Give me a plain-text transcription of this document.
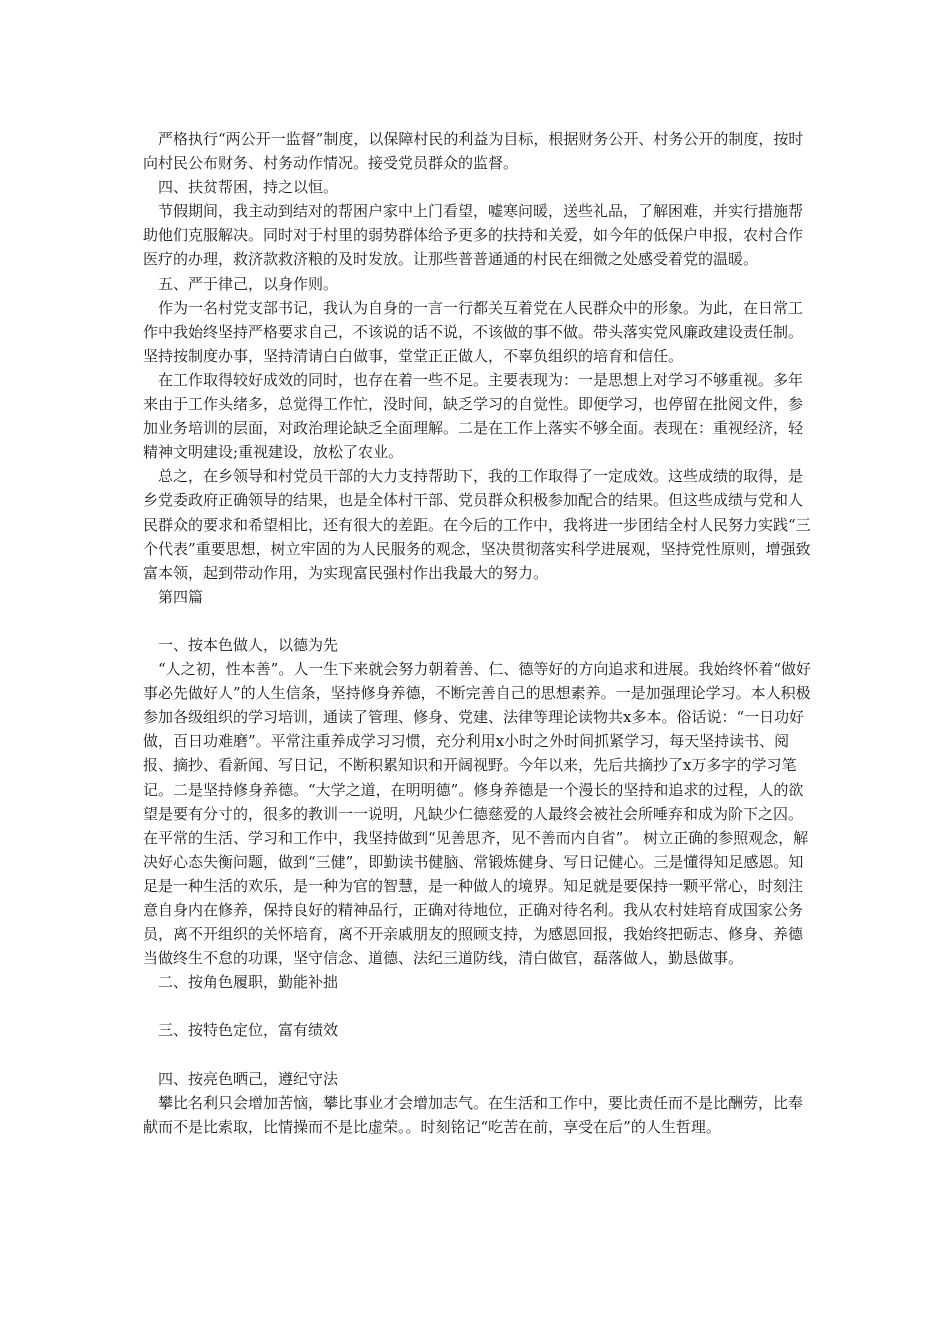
　严格执行“两公开一监督”制度，以保障村民的利益为目标，根据财务公开、村务公开的制度，按时向村民公布财务、村务动作情况。接受党员群众的监督。

　四、扶贫帮困，持之以恒。

　节假期间，我主动到结对的帮困户家中上门看望，嘘寒问暖，送些礼品，了解困难，并实行措施帮助他们克服解决。同时对于村里的弱势群体给予更多的扶持和关爱，如今年的低保户申报，农村合作医疗的办理，救济款救济粮的及时发放。让那些普普通通的村民在细微之处感受着党的温暖。

　五、严于律己，以身作则。

　作为一名村党支部书记，我认为自身的一言一行都关互着党在人民群众中的形象。为此，在日常工作中我始终坚持严格要求自己，不该说的话不说，不该做的事不做。带头落实党风廉政建设责任制。坚持按制度办事，坚持清请白白做事，堂堂正正做人，不辜负组织的培育和信任。

　在工作取得较好成效的同时，也存在着一些不足。主要表现为：一是思想上对学习不够重视。多年来由于工作头绪多，总觉得工作忙，没时间，缺乏学习的自觉性。即便学习，也停留在批阅文件，参加业务培训的层面，对政治理论缺乏全面理解。二是在工作上落实不够全面。表现在：重视经济，轻精神文明建设;重视建设，放松了农业。

　总之，在乡领导和村党员干部的大力支持帮助下，我的工作取得了一定成效。这些成绩的取得，是乡党委政府正确领导的结果，也是全体村干部、党员群众积极参加配合的结果。但这些成绩与党和人民群众的要求和希望相比，还有很大的差距。在今后的工作中，我将进一步团结全村人民努力实践“三个代表”重要思想，树立牢固的为人民服务的观念，坚决贯彻落实科学进展观，坚持党性原则，增强致富本领，起到带动作用，为实现富民强村作出我最大的努力。

　第四篇

　一、按本色做人，以德为先

　“人之初，性本善”。人一生下来就会努力朝着善、仁、德等好的方向追求和进展。我始终怀着“做好事必先做好人”的人生信条，坚持修身养德，不断完善自己的思想素养。一是加强理论学习。本人积极参加各级组织的学习培训，通读了管理、修身、党建、法律等理论读物共x多本。俗话说：“一日功好做，百日功难磨”。平常注重养成学习习惯，充分利用x小时之外时间抓紧学习，每天坚持读书、阅报、摘抄、看新闻、写日记，不断积累知识和开阔视野。今年以来，先后共摘抄了x万多字的学习笔记。二是坚持修身养德。“大学之道，在明明德”。修身养德是一个漫长的坚持和追求的过程，人的欲望是要有分寸的，很多的教训一一说明，凡缺少仁德慈爱的人最终会被社会所唾弃和成为阶下之囚。在平常的生活、学习和工作中，我坚持做到“见善思齐，见不善而内自省”。 树立正确的参照观念，解决好心态失衡问题，做到“三健”，即勤读书健脑、常锻炼健身、写日记健心。三是懂得知足感恩。知足是一种生活的欢乐，是一种为官的智慧，是一种做人的境界。知足就是要保持一颗平常心，时刻注意自身内在修养，保持良好的精神品行，正确对待地位，正确对待名利。我从农村娃培育成国家公务员，离不开组织的关怀培育，离不开亲戚朋友的照顾支持，为感恩回报，我始终把砺志、修身、养德当做终生不怠的功课，坚守信念、道德、法纪三道防线，清白做官，磊落做人，勤恳做事。

　二、按角色履职，勤能补拙

　三、按特色定位，富有绩效

　四、按亮色晒己，遵纪守法

　攀比名利只会增加苦恼，攀比事业才会增加志气。在生活和工作中，要比责任而不是比酬劳，比奉献而不是比索取，比情操而不是比虚荣。。时刻铭记“吃苦在前，享受在后”的人生哲理。
